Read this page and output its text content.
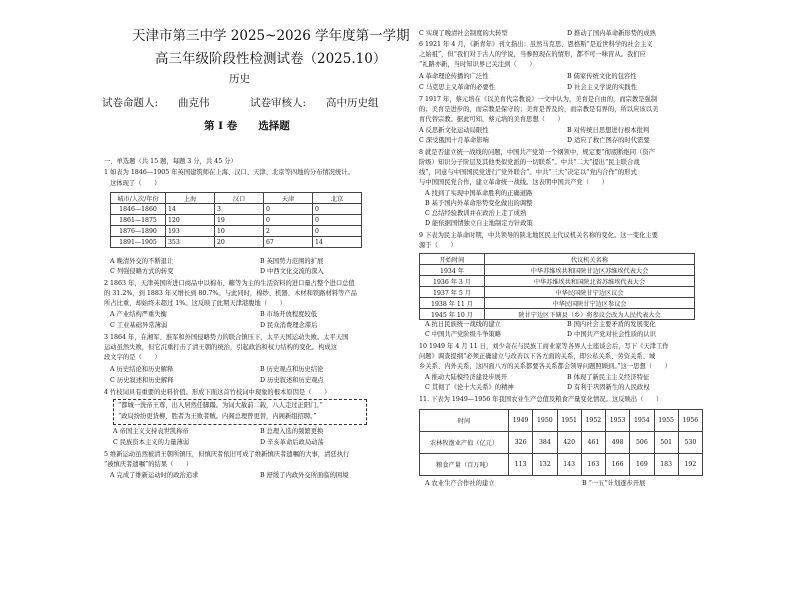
天津市第三中学 2025~2026 学年度第一学期
高三年级阶段性检测试卷（2025.10）
历史
试卷命题人: 曲克伟	试卷审核人: 高中历史组
第 I 卷　　选择题
一、单选题（共 15 题，每题 3 分，共 45 分）
1 如表为 1846—1905 年英国建筑师在上海、汉口、天津、北京等四地的分布情况统计。
这体现了（　　）
城市/人次/年份	上海	汉口	天津	北京
1846—1860	14	3	0	0
1861—1875	120	19	0	0
1876—1890	193	10	2	0
1891—1905	353	20	67	14
A 晚清外交的不断退让	B 英国势力范围的扩展
C 列强侵略方式的转变	D 中西文化交流的深入
2 1863 年，天津英国所进口商品中以棉布、糖等为主的生活资料的进口量占整个进口总值
的 31.2%，到 1883 年又增长到 80.7%。与此同时，棉纱、机器、木材和铁路材料等产品
所占比重，却始终未超过 1%。这反映了此期天津港腹地（　　）
A 产业结构严重失衡	B 市场开放程度较低
C 工业基础异常薄弱	D 民众消费理念滞后
3 1864 年，在湘军、淮军和外国侵略势力的联合镇压下，太平天国运动失败。太平天国
运动虽然失败，但它沉重打击了清王朝的统治，引起政治和权力结构的变化。构成这
段文字的是（　　）
A 历史结论和历史解释	B 历史观点和历史结论
C 历史叙述和历史解释	D 历史叙述和历史观点
4 竹枝词具有重要的史料价值。形成下面这首竹枝词中现象的根本原因是（　　）
“都城一洗帝王尊，出入居然任脚蹋。为词大赦前二载，八人走过正阳门。”
“政局纷纷更货柳，胜者为王败者贼。内阁总理曾更替，内阁新组招聘。”
A 帝国主义支持袁世凯称帝	B 总理入选的频繁更换
C 民族资本主义的力量薄弱	D 辛亥革命后政局动荡
5 维新运动虽然被清王朝所镇压，但慎庆者依旧可成了维新慎庆者遗嘱的大事，清廷执行
“被慎庆者遗嘱”的结果（　　）
A 完成了维新运动时的政治追求	B 舒缓了内政外交所面临的困境
C 实现了晚清社会制度的大转型	D 推动了国内革命新形势的成熟
6 1921 年 4 月，《新青年》刊文指出：虽然马克思、恩格斯“是近世科学的社会主义
之始祖”，但“我们对于古人的学说，当参照现在的情形，都不可一味盲从。我们应
“礼路亦新，当时知识界已关注到（　　）
A 革命理论传播的广泛性	B 儒家传统文化的包容性
C 马克思主义革命的必要性	D 社会主义学说的实践性
7 1917 年，蔡元培在《以美育代宗教说》一文中认为，美育是自由的，而宗教是强制
的；美育是进步的，而宗教是保守的；美育是普及的，而宗教是有界的，所以应该以美
育代替宗教。据此可知，蔡元培的美育思想（　　）
A 反思新文化运动局限性	B 对传统日思想进行根本批判
C 深受俄国十月革命影响	D 适应了救亡图存的时代需要
8 就是否建立统一战线的问题，中国共产党第一个纲领中，规定要“彻底断绝同（资产
阶级）知识分子阶层及其他类似党派的一切联系”。中共“二大”提出“民主联合战
线”，同意与中国国民党进行“党外联合”。中共“三大”决定以“党内合作”的形式
与中国国民党合作，建立革命统一战线。这表明中国共产党（　　）
A 找到了实现中国革命胜利的正确道路
B 基于国内外革命形势变化做出的调整
C 总结经验教训并在政治上走了成熟
D 能依据国情独立自主地制定方针政策
9 下表为民主革命时期，中共领导的陕北地区民主代议机关名称的变化。这一变化主要
源于（　　）
开始时间	代议机关名称
1934 年	中华苏维埃共和国陕甘边区苏维埃代表大会
1936 年 3 月	中华苏维埃共和国陕北省苏维埃代表大会
1937 年 5 月	中华民国陕甘宁边区议会
1938 年 11 月	中华民国陕甘宁边区参议会
1945 年 10 月	陕甘宁边区下辖县（乡）将参议会改为人民代表大会
A 抗日民族统一战线的建立	B 国内社会主要矛盾的发展变化
C 中国共产党阶级斗争策略	D 中国共产党对社会性质的认识
10 1949 年 4 月 11 日，刘少奇在与民族工商业家等各界人士座谈会后，写下《天津工作
问题》调查提纲“必须正确建立与改善以下各方面的关系，即公私关系、劳资关系、城
乡关系、内外关系，这四面八方的关系都要各关系都会领导问题照顾到。”这一思想（　　）
A 推动大陆模经济建设步展开	B 体现了新民主主义经济特征
C 贯彻了《论十大关系》的精神	D 有利于巩固新生的人民政权
11. 下表为 1949—1956 年我国农业生产总值及粮食产量变化情况。这反映出（　　）
时间	1949	1950	1951	1952	1953	1954	1955	1956
农林牧渔业产值（亿元）	326	384	420	461	498	506	501	530
粮食产量（百万吨）	113	132	143	163	166	169	183	192
A 农业生产合作社的建立	B “一五”计划逐步开展
